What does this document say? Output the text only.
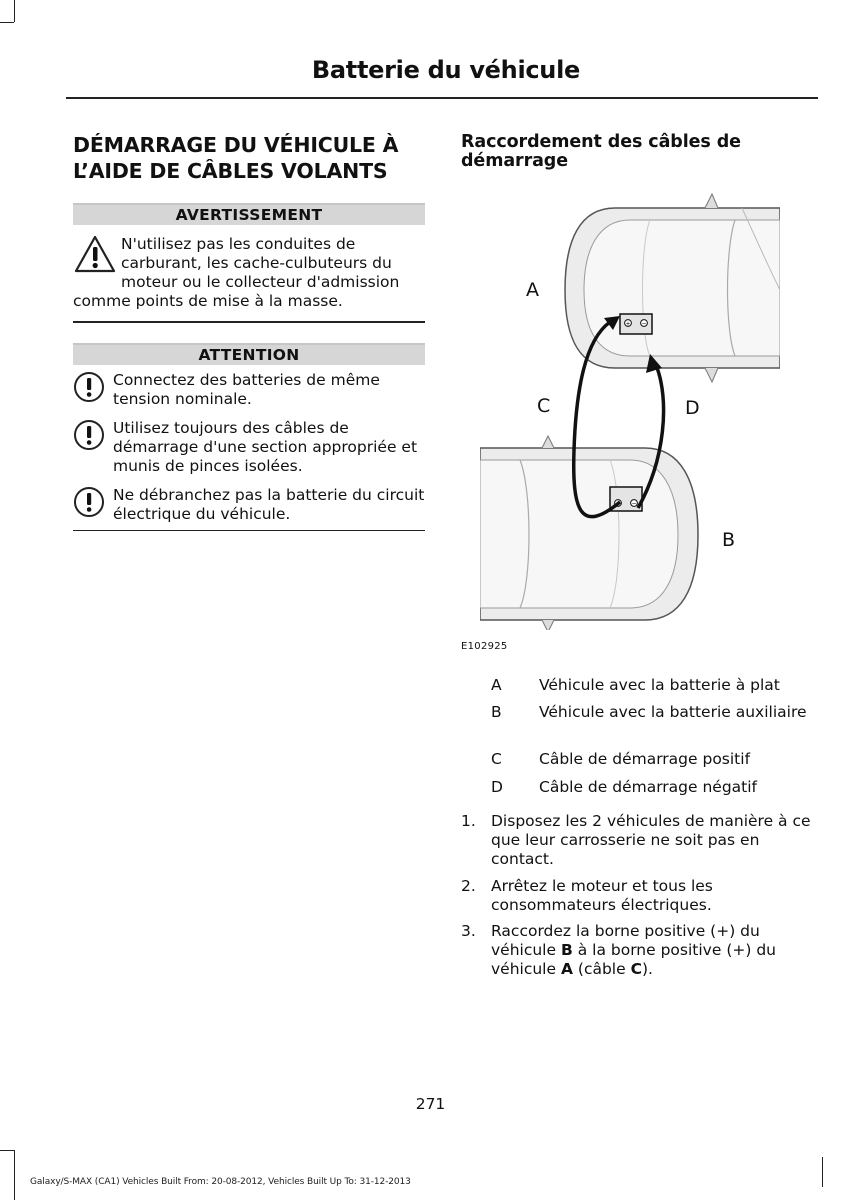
Batterie du véhicule
DÉMARRAGE DU VÉHICULE À L’AIDE DE CÂBLES VOLANTS
AVERTISSEMENT
N'utilisez pas les conduites de carburant, les cache-culbuteurs du moteur ou le collecteur d'admission comme points de mise à la masse.
ATTENTION
Connectez des batteries de même tension nominale.
Utilisez toujours des câbles de démarrage d'une section appropriée et munis de pinces isolées.
Ne débranchez pas la batterie du circuit électrique du véhicule.
Raccordement des câbles de démarrage
+ −
+ −
A
C	D
B
E102925
A Véhicule avec la batterie à plat
B Véhicule avec la batterie auxiliaire
C Câble de démarrage positif
D Câble de démarrage négatif
1. Disposez les 2 véhicules de manière à ce que leur carrosserie ne soit pas en contact.
2. Arrêtez le moteur et tous les consommateurs électriques.
3. Raccordez la borne positive (+) du véhicule B à la borne positive (+) du véhicule A (câble C).
271
Galaxy/S-MAX (CA1) Vehicles Built From: 20-08-2012, Vehicles Built Up To: 31-12-2013
